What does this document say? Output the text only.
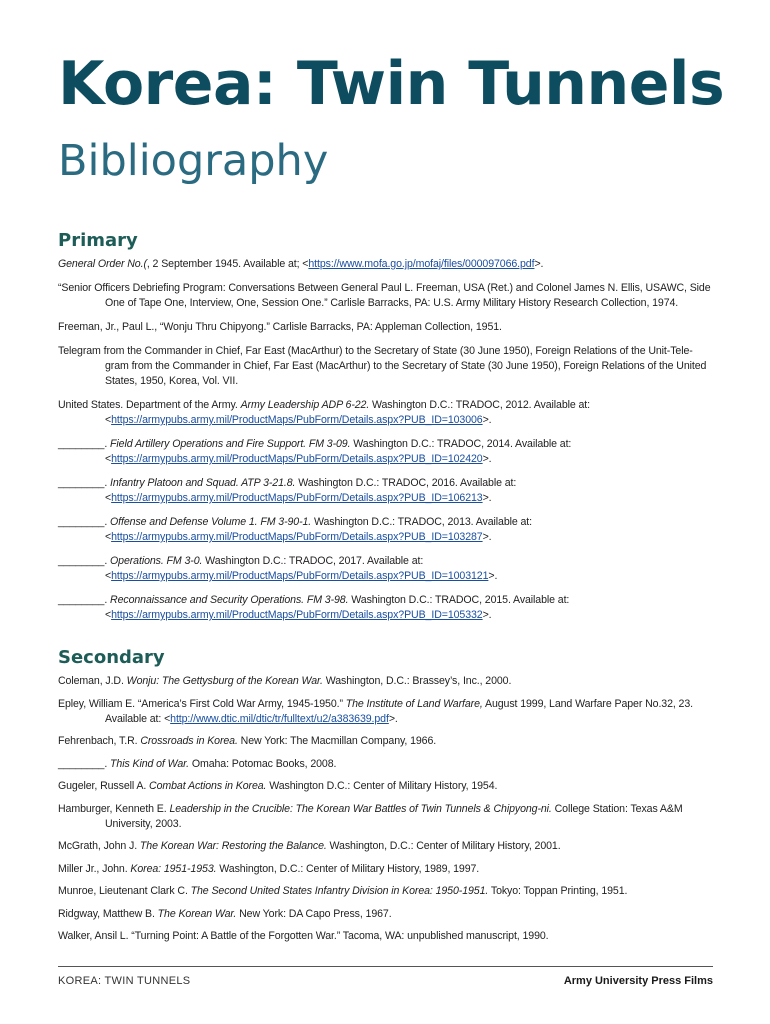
Korea: Twin Tunnels
Bibliography
Primary

General Order No.(, 2 September 1945. Available at; <https://www.mofa.go.jp/mofaj/files/000097066.pdf>.

“Senior Officers Debriefing Program: Conversations Between General Paul L. Freeman, USA (Ret.) and Colonel James N. Ellis, USAWC, Side One of Tape One, Interview, One, Session One.” Carlisle Barracks, PA: U.S. Army Military History Research Collection, 1974.

Freeman, Jr., Paul L., “Wonju Thru Chipyong.” Carlisle Barracks, PA: Appleman Collection, 1951.

Telegram from the Commander in Chief, Far East (MacArthur) to the Secretary of State (30 June 1950), Foreign Relations of the Unit-Tele-gram from the Commander in Chief, Far East (MacArthur) to the Secretary of State (30 June 1950), Foreign Relations of the United States, 1950, Korea, Vol. VII.

United States. Department of the Army. Army Leadership ADP 6-22. Washington D.C.: TRADOC, 2012. Available at: <https://armypubs.army.mil/ProductMaps/PubForm/Details.aspx?PUB_ID=103006>.

________. Field Artillery Operations and Fire Support. FM 3-09. Washington D.C.: TRADOC, 2014. Available at: <https://armypubs.army.mil/ProductMaps/PubForm/Details.aspx?PUB_ID=102420>.

________. Infantry Platoon and Squad. ATP 3-21.8. Washington D.C.: TRADOC, 2016. Available at: <https://armypubs.army.mil/ProductMaps/PubForm/Details.aspx?PUB_ID=106213>.

________. Offense and Defense Volume 1. FM 3-90-1. Washington D.C.: TRADOC, 2013. Available at: <https://armypubs.army.mil/ProductMaps/PubForm/Details.aspx?PUB_ID=103287>.

________. Operations. FM 3-0. Washington D.C.: TRADOC, 2017. Available at: <https://armypubs.army.mil/ProductMaps/PubForm/Details.aspx?PUB_ID=1003121>.

________. Reconnaissance and Security Operations. FM 3-98. Washington D.C.: TRADOC, 2015. Available at: <https://armypubs.army.mil/ProductMaps/PubForm/Details.aspx?PUB_ID=105332>.

Secondary

Coleman, J.D. Wonju: The Gettysburg of the Korean War. Washington, D.C.: Brassey’s, Inc., 2000.

Epley, William E. “America’s First Cold War Army, 1945-1950.” The Institute of Land Warfare, August 1999, Land Warfare Paper No.32, 23. Available at: <http://www.dtic.mil/dtic/tr/fulltext/u2/a383639.pdf>.

Fehrenbach, T.R. Crossroads in Korea. New York: The Macmillan Company, 1966.

________. This Kind of War. Omaha: Potomac Books, 2008.

Gugeler, Russell A. Combat Actions in Korea. Washington D.C.: Center of Military History, 1954.

Hamburger, Kenneth E. Leadership in the Crucible: The Korean War Battles of Twin Tunnels & Chipyong-ni. College Station: Texas A&M University, 2003.

McGrath, John J. The Korean War: Restoring the Balance. Washington, D.C.: Center of Military History, 2001.

Miller Jr., John. Korea: 1951-1953. Washington, D.C.: Center of Military History, 1989, 1997.

Munroe, Lieutenant Clark C. The Second United States Infantry Division in Korea: 1950-1951. Tokyo: Toppan Printing, 1951.

Ridgway, Matthew B. The Korean War. New York: DA Capo Press, 1967.

Walker, Ansil L. “Turning Point: A Battle of the Forgotten War.” Tacoma, WA: unpublished manuscript, 1990.

KOREA: TWIN TUNNELS	Army University Press Films
